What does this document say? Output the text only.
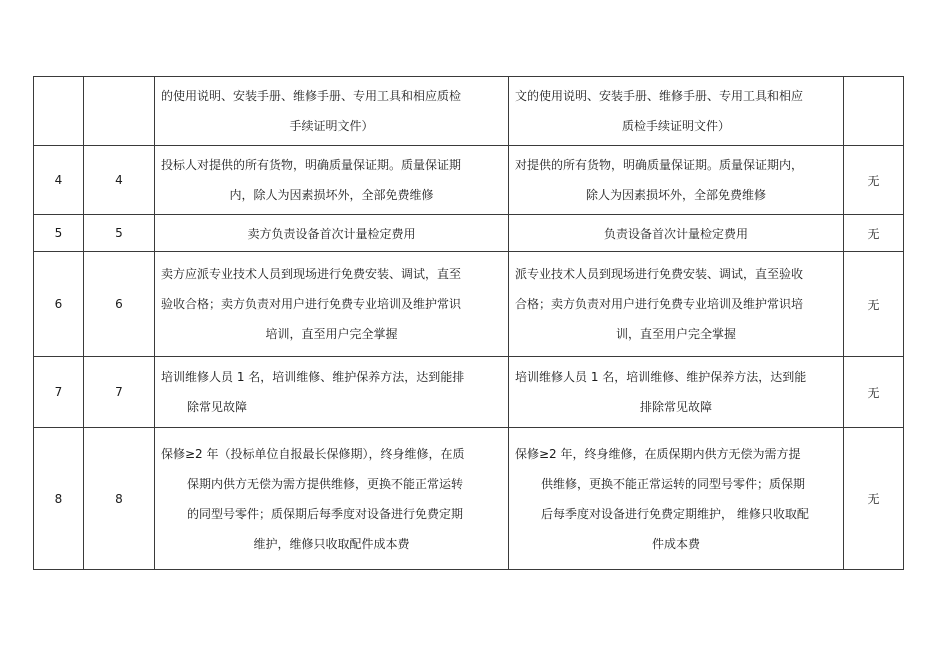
		的使用说明、安装手册、维修手册、专用工具和相应质检
手续证明文件）	文的使用说明、安装手册、维修手册、专用工具和相应
质检手续证明文件）	

4	4	投标人对提供的所有货物，明确质量保证期。质量保证期
内，除人为因素损坏外，全部免费维修	对提供的所有货物，明确质量保证期。质量保证期内，
除人为因素损坏外，全部免费维修	无
5	5	卖方负责设备首次计量检定费用	负责设备首次计量检定费用	无
6	6	卖方应派专业技术人员到现场进行免费安装、调试，直至
验收合格；卖方负责对用户进行免费专业培训及维护常识
培训，直至用户完全掌握	派专业技术人员到现场进行免费安装、调试，直至验收
合格；卖方负责对用户进行免费专业培训及维护常识培
训，直至用户完全掌握	无
7	7	培训维修人员 1 名，培训维修、维护保养方法，达到能排
除常见故障	培训维修人员 1 名，培训维修、维护保养方法，达到能
排除常见故障	无
8	8	保修≥2 年（投标单位自报最长保修期），终身维修，在质
保期内供方无偿为需方提供维修，更换不能正常运转
的同型号零件；质保期后每季度对设备进行免费定期
维护，维修只收取配件成本费	保修≥2 年，终身维修，在质保期内供方无偿为需方提
供维修，更换不能正常运转的同型号零件；质保期
后每季度对设备进行免费定期维护， 维修只收取配
件成本费	无
